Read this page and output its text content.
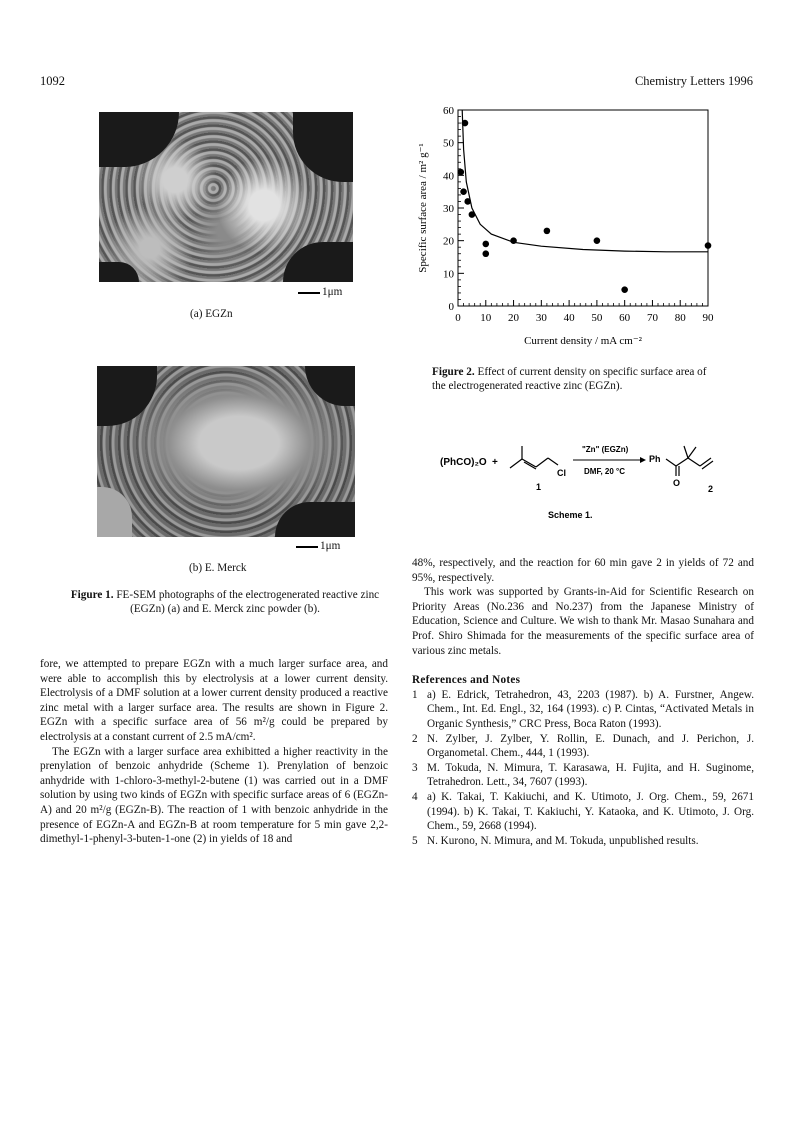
1092	Chemistry Letters 1996
1μm
(a) EGZn
1μm
(b) E. Merck
Figure 1. FE-SEM photographs of the electrogenerated reactive zinc (EGZn) (a) and E. Merck zinc powder (b).
0
10
20
30
40
50
60
0 10 20 30 40 50 60 70 80 90
Current density / mA cm⁻²
Specific surface area / m² g⁻¹
Figure 2. Effect of current density on specific surface area of the electrogenerated reactive zinc (EGZn).
(PhCO)₂O +
Cl
1
"Zn" (EGZn)
DMF, 20 °C
Ph
O
2
Scheme 1.

fore, we attempted to prepare EGZn with a much larger surface area, and were able to accomplish this by electrolysis at a lower current density. Electrolysis of a DMF solution at a lower current density produced a reactive zinc metal with a larger surface area. The results are shown in Figure 2. EGZn with a specific surface area of 56 m²/g could be prepared by electrolysis at a constant current of 2.5 mA/cm².

The EGZn with a larger surface area exhibitted a higher reactivity in the prenylation of benzoic anhydride (Scheme 1). Prenylation of benzoic anhydride with 1-chloro-3-methyl-2-butene (1) was carried out in a DMF solution by using two kinds of EGZn with specific surface areas of 6 (EGZn-A) and 20 m²/g (EGZn-B). The reaction of 1 with benzoic anhydride in the presence of EGZn-A and EGZn-B at room temperature for 5 min gave 2,2-dimethyl-1-phenyl-3-buten-1-one (2) in yields of 18 and

48%, respectively, and the reaction for 60 min gave 2 in yields of 72 and 95%, respectively.

This work was supported by Grants-in-Aid for Scientific Research on Priority Areas (No.236 and No.237) from the Japanese Ministry of Education, Science and Culture. We wish to thank Mr. Masao Sunahara and Prof. Shiro Shimada for the measurements of the specific surface area of various zinc metals.

References and Notes

1 a) E. Edrick, Tetrahedron, 43, 2203 (1987). b) A. Furstner, Angew. Chem., Int. Ed. Engl., 32, 164 (1993). c) P. Cintas, “Activated Metals in Organic Synthesis,” CRC Press, Boca Raton (1993).
2 N. Zylber, J. Zylber, Y. Rollin, E. Dunach, and J. Perichon, J. Organometal. Chem., 444, 1 (1993).
3 M. Tokuda, N. Mimura, T. Karasawa, H. Fujita, and H. Suginome, Tetrahedron. Lett., 34, 7607 (1993).
4 a) K. Takai, T. Kakiuchi, and K. Utimoto, J. Org. Chem., 59, 2671 (1994). b) K. Takai, T. Kakiuchi, Y. Kataoka, and K. Utimoto, J. Org. Chem., 59, 2668 (1994).
5 N. Kurono, N. Mimura, and M. Tokuda, unpublished results.
